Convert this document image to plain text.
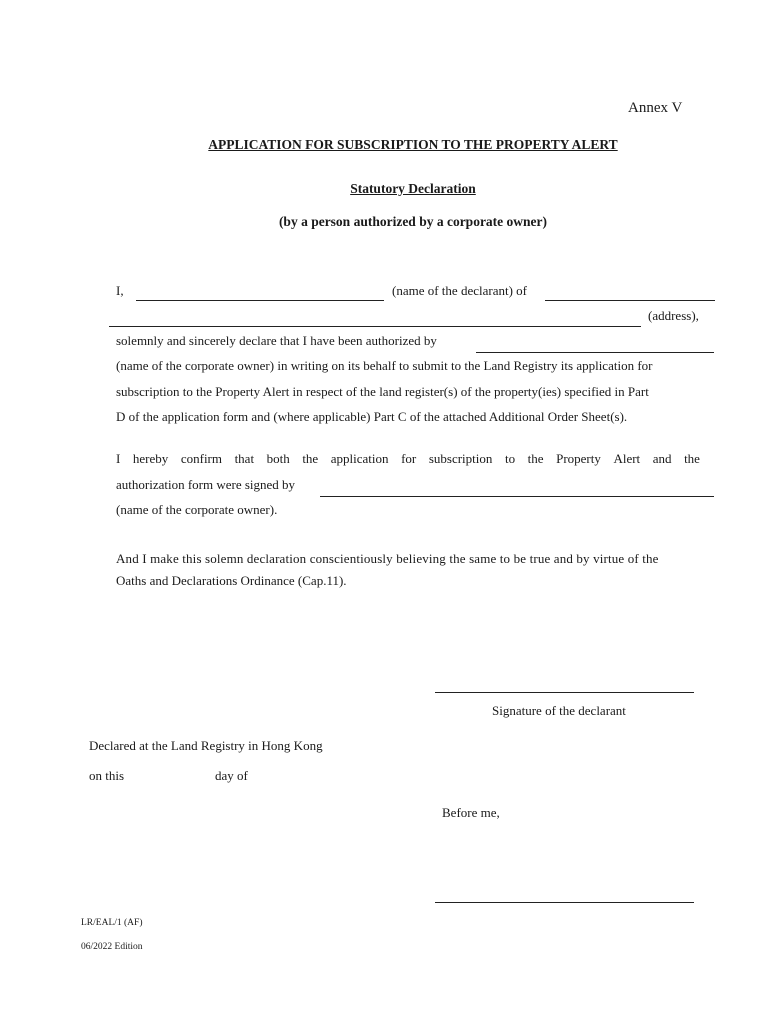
Annex V
APPLICATION FOR SUBSCRIPTION TO THE PROPERTY ALERT
Statutory Declaration
(by a person authorized by a corporate owner)
I,	(name of the declarant) of
(address),
solemnly and sincerely declare that I have been authorized by
(name of the corporate owner) in writing on its behalf to submit to the Land Registry its application for
subscription to the Property Alert in respect of the land register(s) of the property(ies) specified in Part
D of the application form and (where applicable) Part C of the attached Additional Order Sheet(s).
I hereby confirm that both the application for subscription to the Property Alert and the
authorization form were signed by
(name of the corporate owner).
And I make this solemn declaration conscientiously believing the same to be true and by virtue of the
Oaths and Declarations Ordinance (Cap.11).
Signature of the declarant
Declared at the Land Registry in Hong Kong
on this	day of
Before me,
LR/EAL/1 (AF)
06/2022 Edition
